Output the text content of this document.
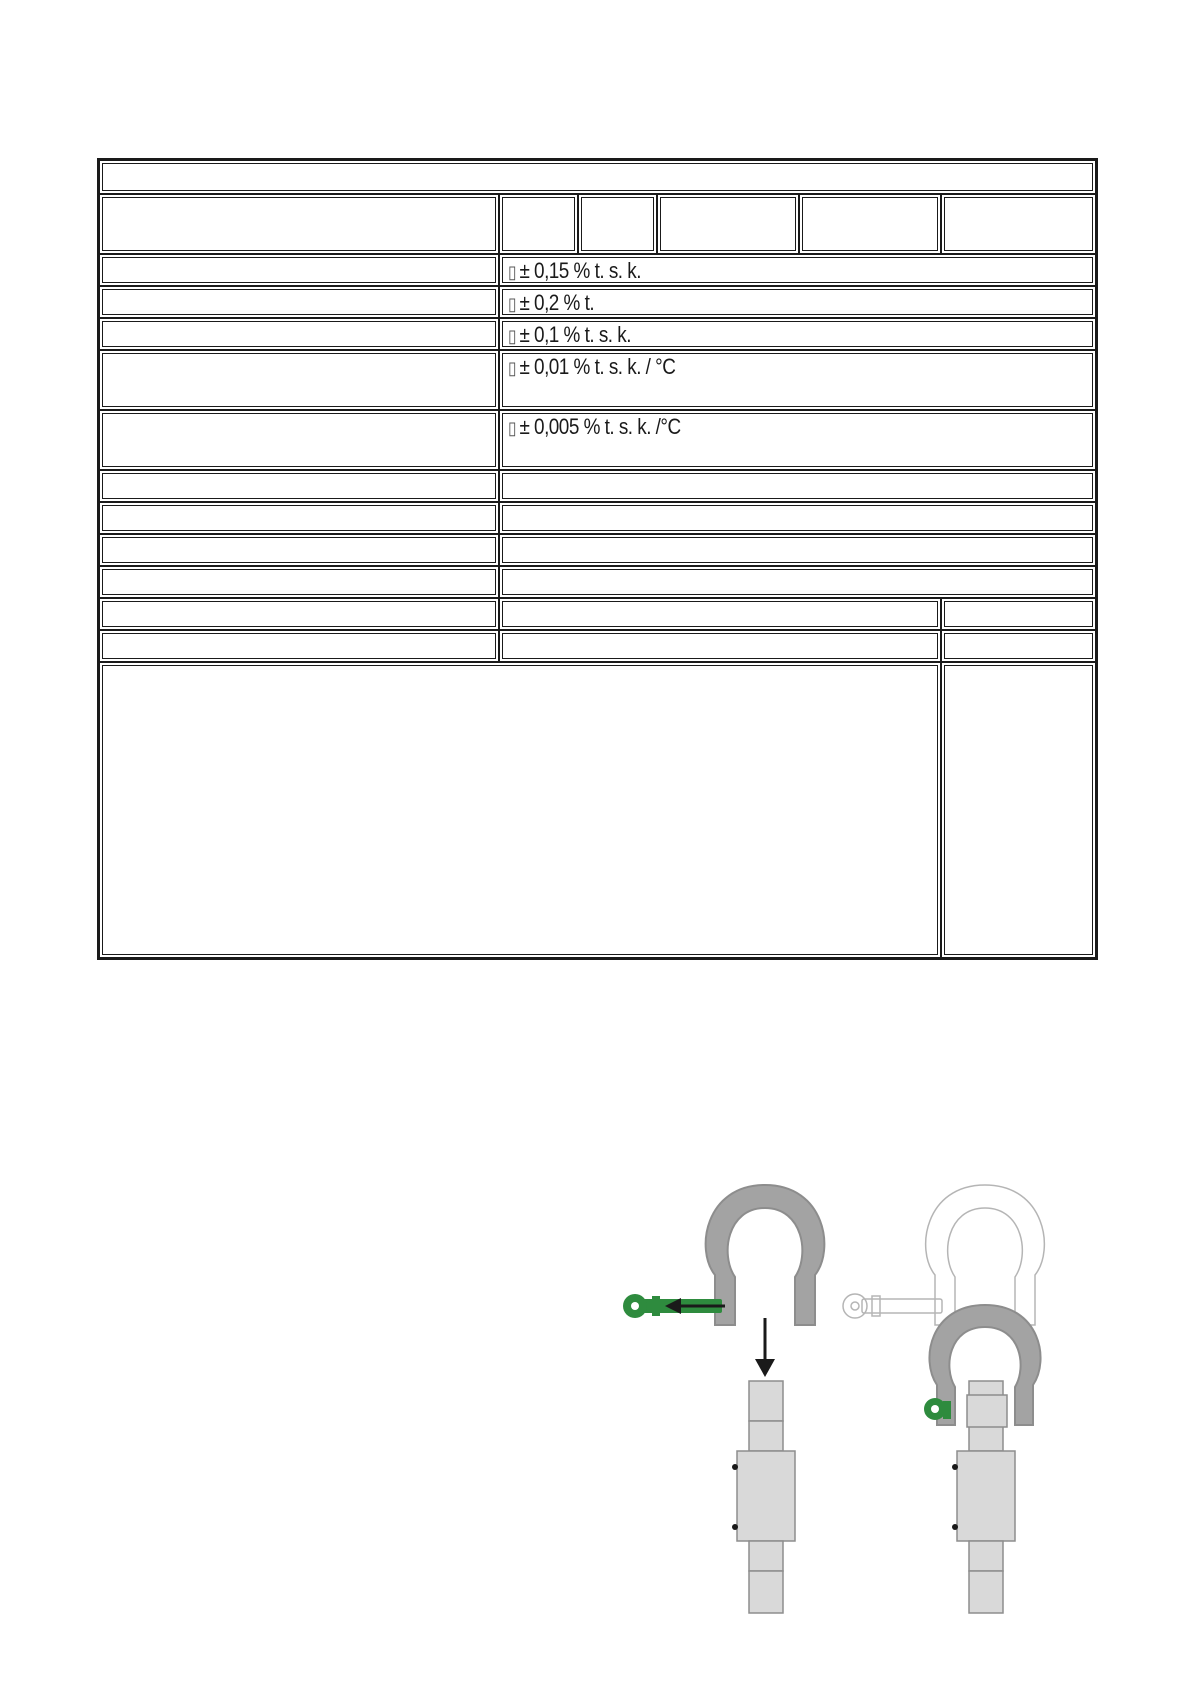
▯ ± 0,15 % t. s. k.
▯ ± 0,2 % t.
▯ ± 0,1 % t. s. k.
▯ ± 0,01 % t. s. k. / °C
▯ ± 0,005 % t. s. k. /°C
